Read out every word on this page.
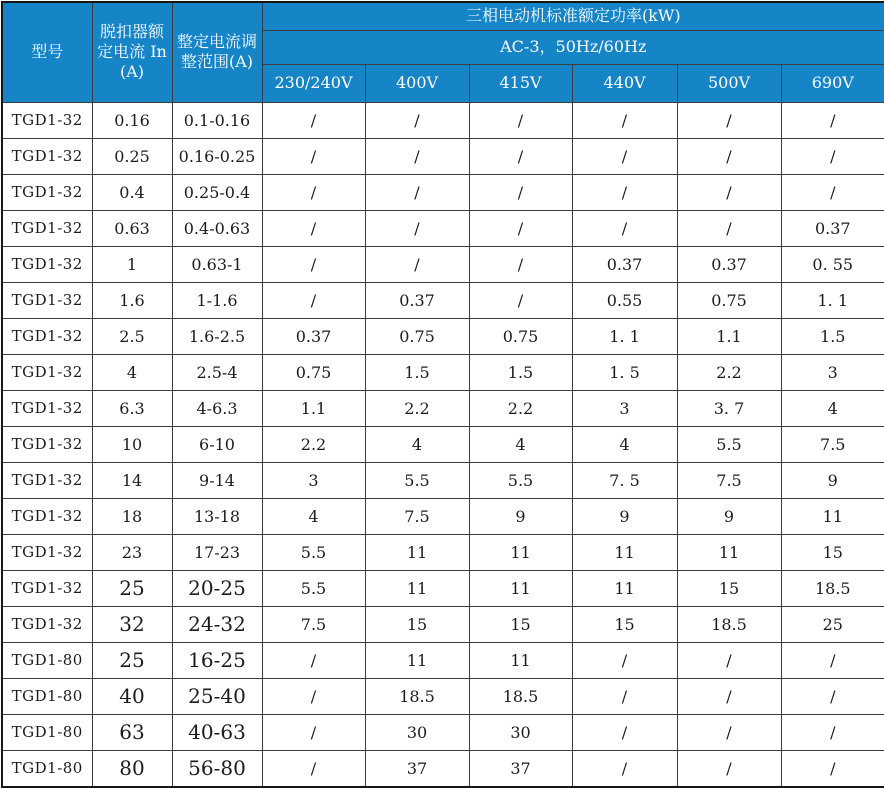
型号	脱扣器额定电流 In(A)	整定电流调整范围(A)	三相电动机标准额定功率(kW)					
			AC-3，50Hz/60Hz					
			230/240V	400V	415V	440V	500V	690V
TGD1-32	0.16	0.1-0.16	/	/	/	/	/	/
TGD1-32	0.25	0.16-0.25	/	/	/	/	/	/
TGD1-32	0.4	0.25-0.4	/	/	/	/	/	/
TGD1-32	0.63	0.4-0.63	/	/	/	/	/	0.37
TGD1-32	1	0.63-1	/	/	/	0.37	0.37	0. 55
TGD1-32	1.6	1-1.6	/	0.37	/	0.55	0.75	1. 1
TGD1-32	2.5	1.6-2.5	0.37	0.75	0.75	1. 1	1.1	1.5
TGD1-32	4	2.5-4	0.75	1.5	1.5	1. 5	2.2	3
TGD1-32	6.3	4-6.3	1.1	2.2	2.2	3	3. 7	4
TGD1-32	10	6-10	2.2	4	4	4	5.5	7.5
TGD1-32	14	9-14	3	5.5	5.5	7. 5	7.5	9
TGD1-32	18	13-18	4	7.5	9	9	9	11
TGD1-32	23	17-23	5.5	11	11	11	11	15
TGD1-32	25	20-25	5.5	11	11	11	15	18.5
TGD1-32	32	24-32	7.5	15	15	15	18.5	25
TGD1-80	25	16-25	/	11	11	/	/	/
TGD1-80	40	25-40	/	18.5	18.5	/	/	/
TGD1-80	63	40-63	/	30	30	/	/	/
TGD1-80	80	56-80	/	37	37	/	/	/
